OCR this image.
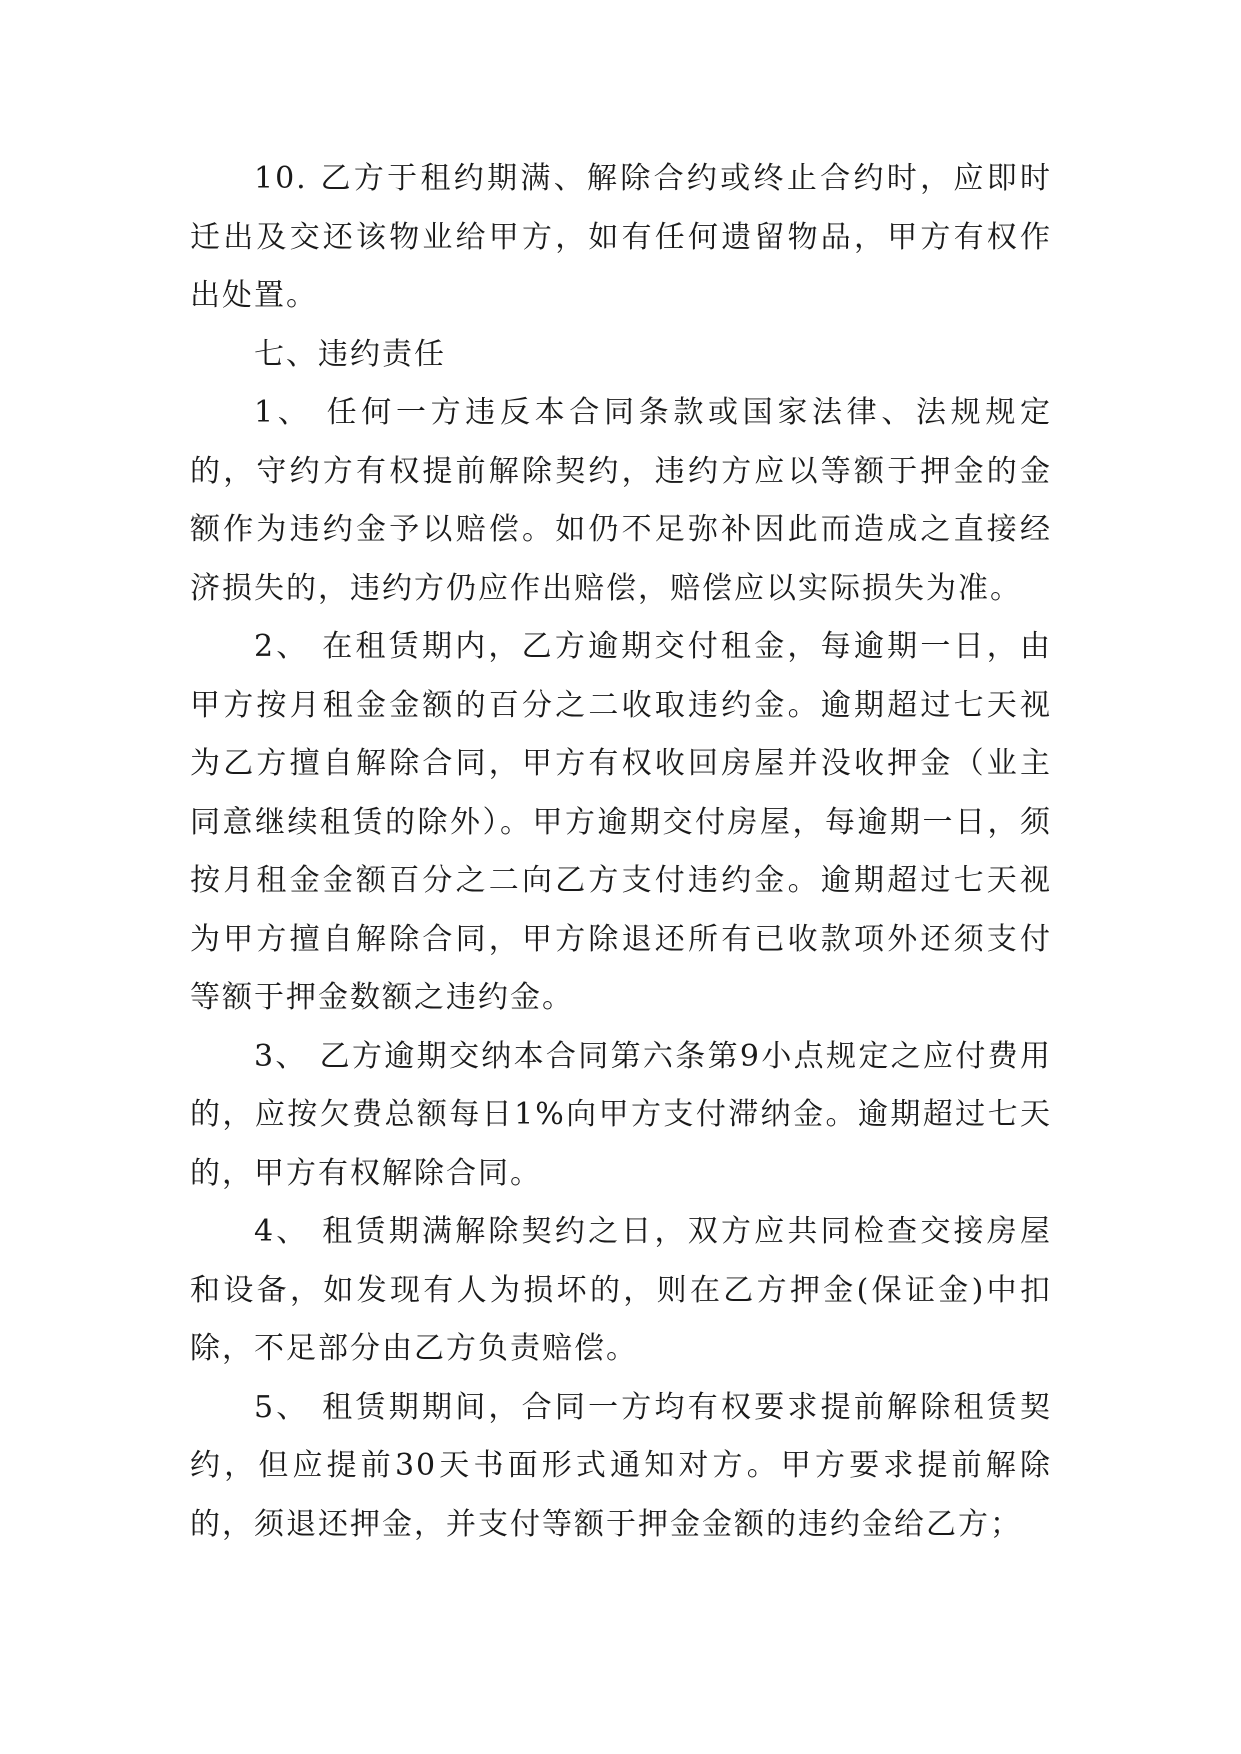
10. 乙方于租约期满、解除合约或终止合约时，应即时迁出及交还该物业给甲方，如有任何遗留物品，甲方有权作出处置。

七、违约责任

1、 任何一方违反本合同条款或国家法律、法规规定的，守约方有权提前解除契约，违约方应以等额于押金的金额作为违约金予以赔偿。如仍不足弥补因此而造成之直接经济损失的，违约方仍应作出赔偿，赔偿应以实际损失为准。

2、 在租赁期内，乙方逾期交付租金，每逾期一日，由甲方按月租金金额的百分之二收取违约金。逾期超过七天视为乙方擅自解除合同，甲方有权收回房屋并没收押金（业主同意继续租赁的除外）。甲方逾期交付房屋，每逾期一日，须按月租金金额百分之二向乙方支付违约金。逾期超过七天视为甲方擅自解除合同，甲方除退还所有已收款项外还须支付等额于押金数额之违约金。

3、 乙方逾期交纳本合同第六条第9小点规定之应付费用的，应按欠费总额每日1%向甲方支付滞纳金。逾期超过七天的，甲方有权解除合同。

4、 租赁期满解除契约之日，双方应共同检查交接房屋和设备，如发现有人为损坏的，则在乙方押金(保证金)中扣除，不足部分由乙方负责赔偿。

5、 租赁期期间，合同一方均有权要求提前解除租赁契约，但应提前30天书面形式通知对方。甲方要求提前解除的，须退还押金，并支付等额于押金金额的违约金给乙方；
